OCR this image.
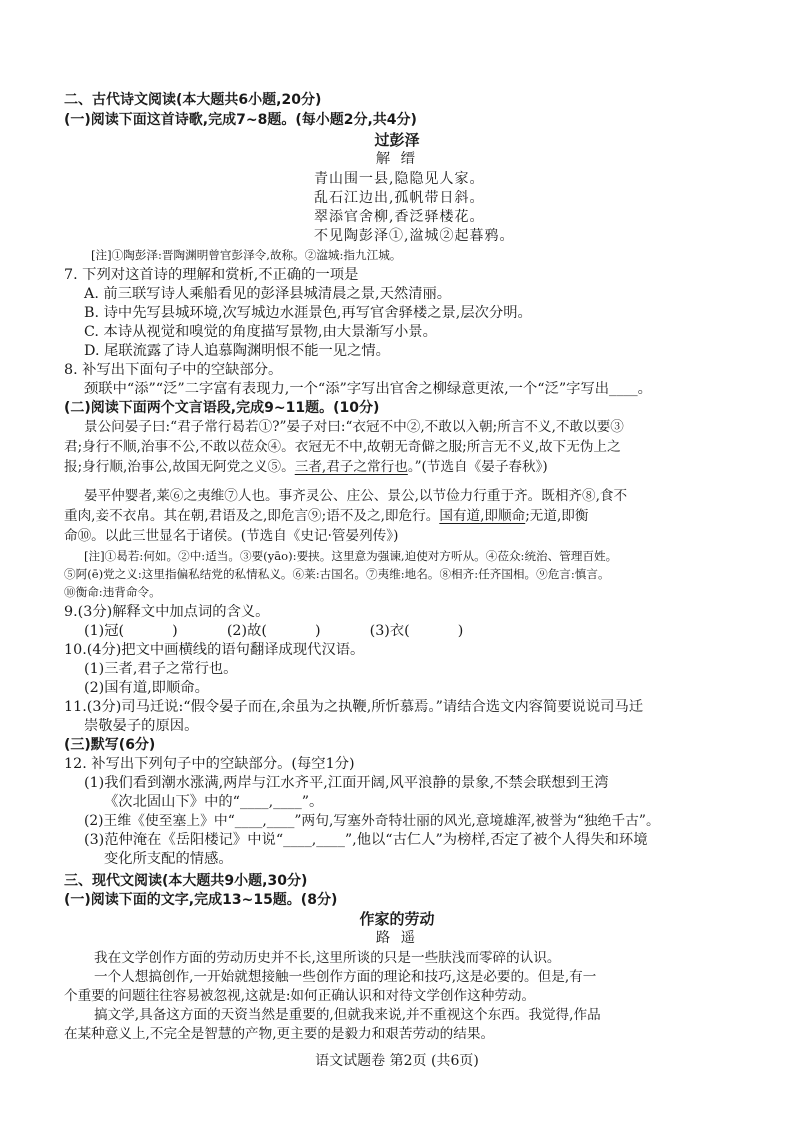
二、古代诗文阅读(本大题共6小题,20分)
(一)阅读下面这首诗歌,完成7~8题。(每小题2分,共4分)
过彭泽
解 缙
青山围一县,隐隐见人家。
乱石江边出,孤帆带日斜。
翠添官舍柳,香泛驿楼花。
不见陶彭泽①,湓城②起暮鸦。
[注]①陶彭泽:晋陶渊明曾官彭泽令,故称。②湓城:指九江城。
7. 下列对这首诗的理解和赏析,不正确的一项是
A. 前三联写诗人乘船看见的彭泽县城清晨之景,天然清丽。
B. 诗中先写县城环境,次写城边水涯景色,再写官舍驿楼之景,层次分明。
C. 本诗从视觉和嗅觉的角度描写景物,由大景渐写小景。
D. 尾联流露了诗人追慕陶渊明恨不能一见之情。
8. 补写出下面句子中的空缺部分。
颈联中“添”“泛”二字富有表现力,一个“添”字写出官舍之柳绿意更浓,一个“泛”字写出____。
(二)阅读下面两个文言语段,完成9~11题。(10分)
景公问晏子曰:“君子常行曷若①?”晏子对曰:“衣冠不中②,不敢以入朝;所言不义,不敢以要③
君;身行不顺,治事不公,不敢以莅众④。衣冠无不中,故朝无奇僻之服;所言无不义,故下无伪上之
报;身行顺,治事公,故国无阿党之义⑤。三者,君子之常行也。”(节选自《晏子春秋》)
晏平仲婴者,莱⑥之夷维⑦人也。事齐灵公、庄公、景公,以节俭力行重于齐。既相齐⑧,食不
重肉,妾不衣帛。其在朝,君语及之,即危言⑨;语不及之,即危行。国有道,即顺命;无道,即衡
命⑩。以此三世显名于诸侯。(节选自《史记·管晏列传》)
[注]①曷若:何如。②中:适当。③要(yāo):要挟。这里意为强谏,迫使对方听从。④莅众:统治、管理百姓。
⑤阿(ē)党之义:这里指偏私结党的私情私义。⑥莱:古国名。⑦夷维:地名。⑧相齐:任齐国相。⑨危言:慎言。
⑩衡命:违背命令。
9.(3分)解释文中加点词的含义。
(1)冠(	)	(2)故(	)	(3)衣(	)
10.(4分)把文中画横线的语句翻译成现代汉语。
(1)三者,君子之常行也。
(2)国有道,即顺命。
11.(3分)司马迁说:“假令晏子而在,余虽为之执鞭,所忻慕焉。”请结合选文内容简要说说司马迁
崇敬晏子的原因。
(三)默写(6分)
12. 补写出下列句子中的空缺部分。(每空1分)
(1)我们看到潮水涨满,两岸与江水齐平,江面开阔,风平浪静的景象,不禁会联想到王湾
《次北固山下》中的“____,____”。
(2)王维《使至塞上》中“____,____”两句,写塞外奇特壮丽的风光,意境雄浑,被誉为“独绝千古”。
(3)范仲淹在《岳阳楼记》中说“____,____”,他以“古仁人”为榜样,否定了被个人得失和环境
变化所支配的情感。
三、现代文阅读(本大题共9小题,30分)
(一)阅读下面的文字,完成13~15题。(8分)
作家的劳动
路 遥
我在文学创作方面的劳动历史并不长,这里所谈的只是一些肤浅而零碎的认识。
一个人想搞创作,一开始就想接触一些创作方面的理论和技巧,这是必要的。但是,有一
个重要的问题往往容易被忽视,这就是:如何正确认识和对待文学创作这种劳动。
搞文学,具备这方面的天资当然是重要的,但就我来说,并不重视这个东西。我觉得,作品
在某种意义上,不完全是智慧的产物,更主要的是毅力和艰苦劳动的结果。
语文试题卷 第2页 (共6页)
